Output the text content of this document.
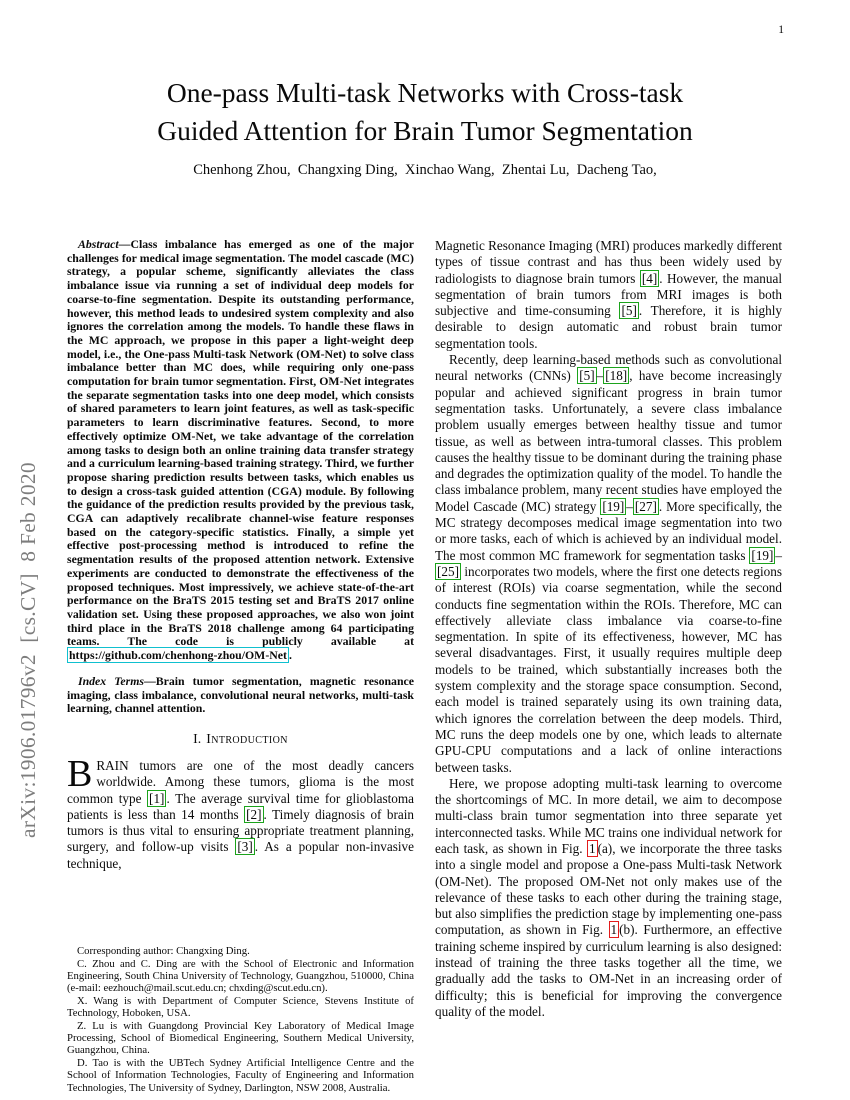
1
arXiv:1906.01796v2  [cs.CV]  8 Feb 2020
One-pass Multi-task Networks with Cross-task
Guided Attention for Brain Tumor Segmentation
Chenhong Zhou,  Changxing Ding,  Xinchao Wang,  Zhentai Lu,  Dacheng Tao,

Abstract—Class imbalance has emerged as one of the major challenges for medical image segmentation. The model cascade (MC) strategy, a popular scheme, significantly alleviates the class imbalance issue via running a set of individual deep models for coarse-to-fine segmentation. Despite its outstanding performance, however, this method leads to undesired system complexity and also ignores the correlation among the models. To handle these flaws in the MC approach, we propose in this paper a light-weight deep model, i.e., the One-pass Multi-task Network (OM-Net) to solve class imbalance better than MC does, while requiring only one-pass computation for brain tumor segmentation. First, OM-Net integrates the separate segmentation tasks into one deep model, which consists of shared parameters to learn joint features, as well as task-specific parameters to learn discriminative features. Second, to more effectively optimize OM-Net, we take advantage of the correlation among tasks to design both an online training data transfer strategy and a curriculum learning-based training strategy. Third, we further propose sharing prediction results between tasks, which enables us to design a cross-task guided attention (CGA) module. By following the guidance of the prediction results provided by the previous task, CGA can adaptively recalibrate channel-wise feature responses based on the category-specific statistics. Finally, a simple yet effective post-processing method is introduced to refine the segmentation results of the proposed attention network. Extensive experiments are conducted to demonstrate the effectiveness of the proposed techniques. Most impressively, we achieve state-of-the-art performance on the BraTS 2015 testing set and BraTS 2017 online validation set. Using these proposed approaches, we also won joint third place in the BraTS 2018 challenge among 64 participating teams. The code is publicly available at https://github.com/chenhong-zhou/OM-Net .

Index Terms—Brain tumor segmentation, magnetic resonance imaging, class imbalance, convolutional neural networks, multi-task learning, channel attention.

I. Introduction

BRAIN tumors are one of the most deadly cancers worldwide. Among these tumors, glioma is the most common type [1] . The average survival time for glioblastoma patients is less than 14 months [2] . Timely diagnosis of brain tumors is thus vital to ensuring appropriate treatment planning, surgery, and follow-up visits [3] . As a popular non-invasive technique,

Corresponding author: Changxing Ding.

C. Zhou and C. Ding are with the School of Electronic and Information Engineering, South China University of Technology, Guangzhou, 510000, China (e-mail: eezhouch@mail.scut.edu.cn; chxding@scut.edu.cn).

X. Wang is with Department of Computer Science, Stevens Institute of Technology, Hoboken, USA.

Z. Lu is with Guangdong Provincial Key Laboratory of Medical Image Processing, School of Biomedical Engineering, Southern Medical University, Guangzhou, China.

D. Tao is with the UBTech Sydney Artificial Intelligence Centre and the School of Information Technologies, Faculty of Engineering and Information Technologies, The University of Sydney, Darlington, NSW 2008, Australia.

Magnetic Resonance Imaging (MRI) produces markedly different types of tissue contrast and has thus been widely used by radiologists to diagnose brain tumors [4] . However, the manual segmentation of brain tumors from MRI images is both subjective and time-consuming [5] . Therefore, it is highly desirable to design automatic and robust brain tumor segmentation tools.

Recently, deep learning-based methods such as convolutional neural networks (CNNs) [5] – [18] , have become increasingly popular and achieved significant progress in brain tumor segmentation tasks. Unfortunately, a severe class imbalance problem usually emerges between healthy tissue and tumor tissue, as well as between intra-tumoral classes. This problem causes the healthy tissue to be dominant during the training phase and degrades the optimization quality of the model. To handle the class imbalance problem, many recent studies have employed the Model Cascade (MC) strategy [19] – [27] . More specifically, the MC strategy decomposes medical image segmentation into two or more tasks, each of which is achieved by an individual model. The most common MC framework for segmentation tasks [19] –[25] incorporates two models, where the first one detects regions of interest (ROIs) via coarse segmentation, while the second conducts fine segmentation within the ROIs. Therefore, MC can effectively alleviate class imbalance via coarse-to-fine segmentation. In spite of its effectiveness, however, MC has several disadvantages. First, it usually requires multiple deep models to be trained, which substantially increases both the system complexity and the storage space consumption. Second, each model is trained separately using its own training data, which ignores the correlation between the deep models. Third, MC runs the deep models one by one, which leads to alternate GPU-CPU computations and a lack of online interactions between tasks.

Here, we propose adopting multi-task learning to overcome the shortcomings of MC. In more detail, we aim to decompose multi-class brain tumor segmentation into three separate yet interconnected tasks. While MC trains one individual network for each task, as shown in Fig. 1 (a), we incorporate the three tasks into a single model and propose a One-pass Multi-task Network (OM-Net). The proposed OM-Net not only makes use of the relevance of these tasks to each other during the training stage, but also simplifies the prediction stage by implementing one-pass computation, as shown in Fig. 1 (b). Furthermore, an effective training scheme inspired by curriculum learning is also designed: instead of training the three tasks together all the time, we gradually add the tasks to OM-Net in an increasing order of difficulty; this is beneficial for improving the convergence quality of the model.
